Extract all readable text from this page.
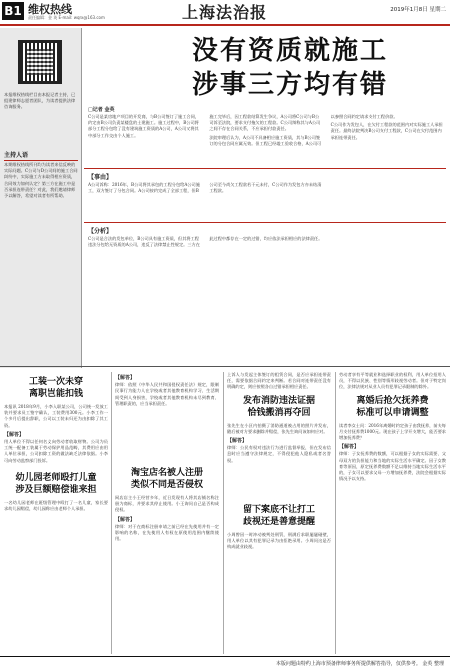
B1 维权热线
责任编辑：金 英 E-mail: wqrx@163.com	上海法治报	2019年1月8日 星期二
本报维权热线栏目由本报记者主持，已组建律师志愿者团队，为读者提供法律咨询服务。
主持人语
本期维权热线所刊均为读者来信反映的实际问题。C公司与D公司间的施工合同纠纷中，实际施工方未取得相应资质，合同效力如何认定？第三方在施工中是否承担连带责任？对此，我们邀请律师予以解答，希望对读者有所帮助。
没有资质就施工
涉事三方均有错
□记者 金英

C公司是某房地产项目的开发商，与B公司签订了施工合同，约定由B公司负责某楼盘的土建施工。施工过程中，B公司将部分工程分包给了没有建筑施工资质的A公司，A公司又将其中部分工作交由个人施工。

施工完毕后，因工程款结算发生争议，A公司将C公司与B公司诉至法院，要求支付拖欠的工程款。C公司辩称其与A公司之间不存在合同关系，不应承担付款责任。

法院审理后认为，A公司不具备相应施工资质，其与B公司签订的分包合同应属无效。但工程已经竣工验收合格，A公司可以参照合同约定请求支付工程价款。

C公司作为发包人，在欠付工程款的范围内对实际施工人承担责任。最终法院判决B公司支付工程款，C公司在欠付范围内承担连带责任。

【事由】

A公司诉称：2016年，B公司将其承包的工程分包给A公司施工，双方签订了分包合同。A公司按约完成了全部工程，但B公司至今尚欠工程款若干元未付，C公司作为发包方亦未结清工程款。

【分析】

C公司是合法的发包单位，B公司具有施工资质，但其将工程违法分包给无资质的A公司，违反了法律禁止性规定。三方在此过程中都存在一定的过错，均应依法承担相应的法律责任。

工装一次未穿
离职岂能扣钱

本报讯 2018年9月，小李入职某公司，公司统一发放工装并要求员工签字确认，工装费用300元。小李工作一个多月后提出辞职，公司以工装未归还为由扣除了其工资。

【解答】

用人单位不得以任何名义向劳动者收取财物。公司为员工统一配备工装属于劳动保护用品范畴，其费用应由用人单位承担，公司扣除工资的做法缺乏法律依据。小李可向劳动监察部门投诉。

幼儿园老师殴打儿童
涉及巨额赔偿谁来担

一名幼儿园老师在班级管理中殴打了一名儿童，家长要求幼儿园赔偿，幼儿园称应由老师个人承担。

【解答】

律师：依照《中华人民共和国侵权责任法》规定，限制民事行为能力人在学校或者其他教育机构学习、生活期间受到人身损害，学校或者其他教育机构未尽到教育、管理职责的，应当承担责任。

淘宝店名被人注册
类似不同是否侵权

网店店主小王经营多年，近日发现有人将其店铺名称注册为商标，并要求其停止使用。小王询问自己是否构成侵权。

【解答】

律师：对于在商标注册申请之前已经在先使用并有一定影响的名称，在先使用人有权在原使用范围内继续使用。

上诉人与发起主体签订的租赁合同，是否应承担连带责任，需要依据合同约定来判断。若合同对连带责任没有明确约定，则应按照各自过错承担相应责任。

发布消防违法证据
恰钱搬消再夺回

张先生在小区内拍摄了消防通道被占用的照片并发布，随后被对方要求删除并赔偿，张先生询问该如何应对。

【解答】

律师：公民有权对违法行为进行监督举报，但在发布信息时应当遵守法律规定，不得侵犯他人隐私或者名誉权。

留下案底不让打工
歧视还是善意提醒

小周曾因一时冲动被判处刑罚，刑满后求职屡屡碰壁，用人单位以其有犯罪记录为由拒绝录用。小周问这是否构成就业歧视。

劳动者享有平等就业和选择职业的权利，用人单位招用人员，不得以民族、性别等情形歧视劳动者。但对于特定岗位，法律法规对从业人员有犯罪记录限制的除外。

离婚后抢欠抚养费
标准可以申请调整

读者李女士问：2016年离婚时约定孩子由我抚养，前夫每月支付抚养费1000元。现在孩子上学开支增大，能否要求增加抚养费？

【解答】

律师：子女抚养费的数额，可以根据子女的实际需要、父母双方的负担能力和当地的实际生活水平确定。因子女教育等原因，原定抚养费数额不足以维持当地实际生活水平的，子女可以要求父母一方增加抚养费，法院会根据实际情况予以支持。

本版问题由特约上海市预备律师事务所提供解答指导，仅供参考。 金英 整理
